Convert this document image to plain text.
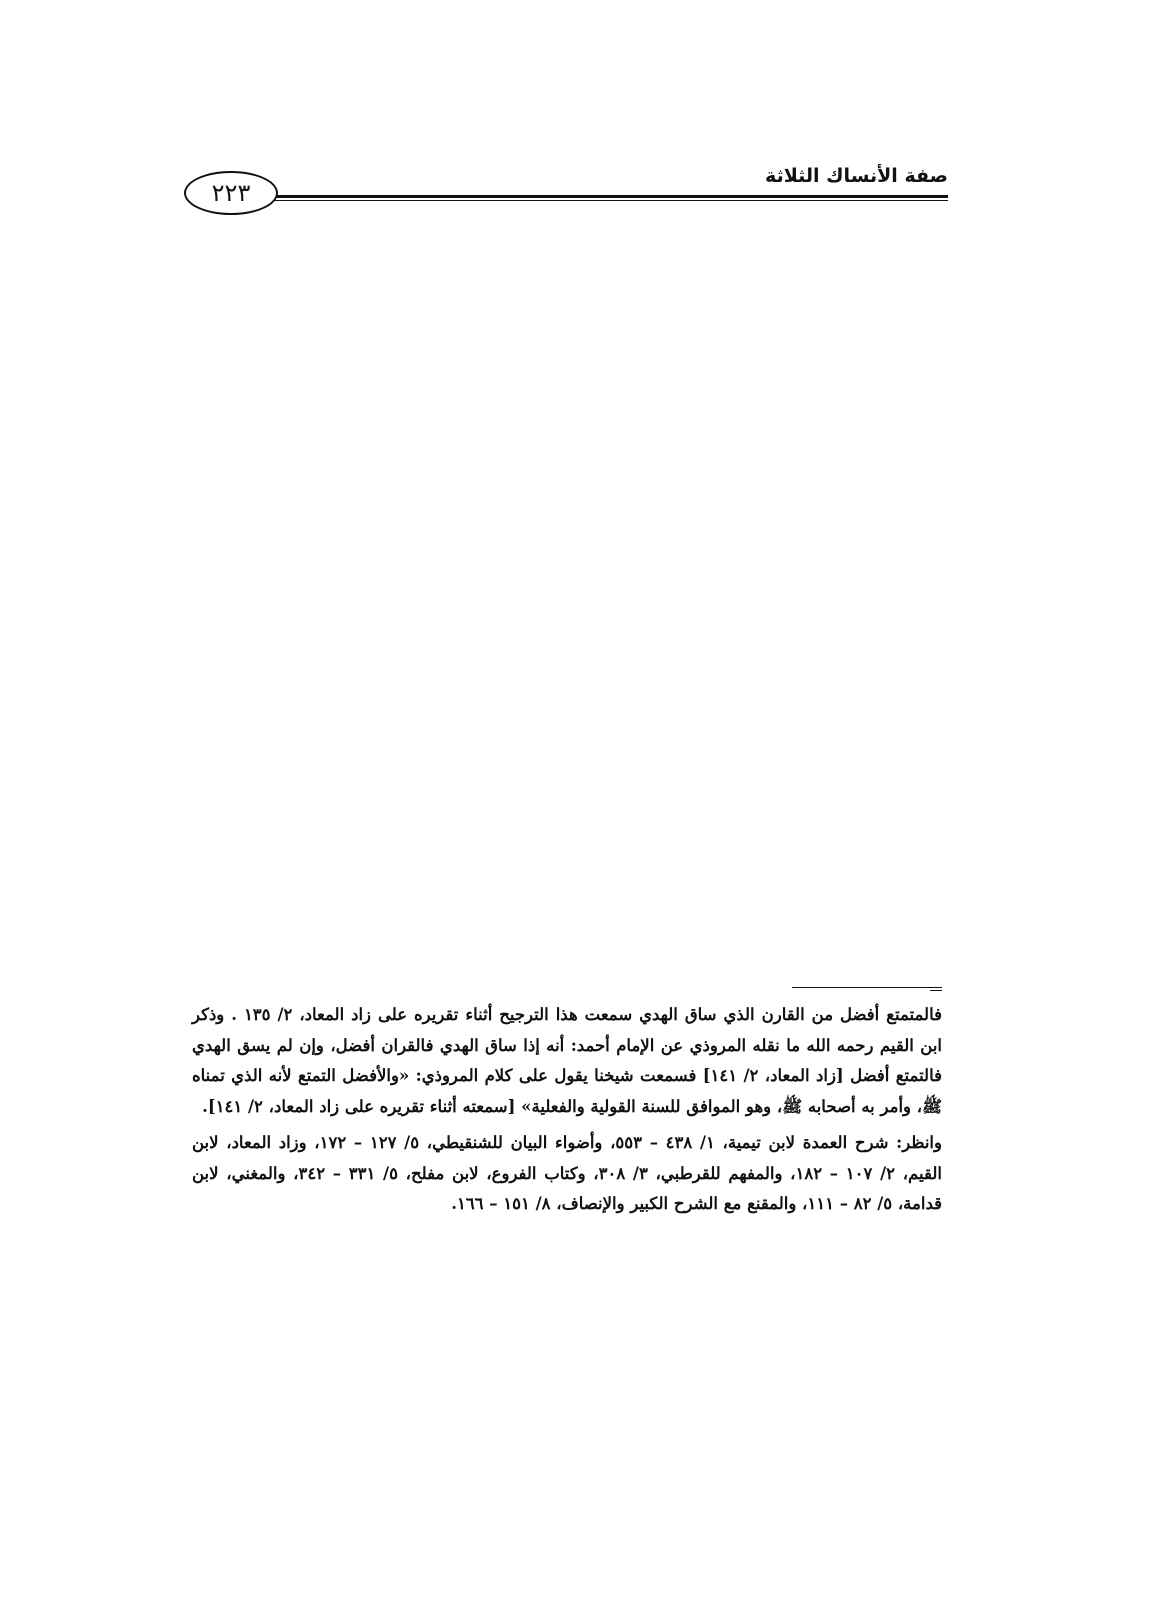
صفة الأنساك الثلاثة
٢٢٣

فالمتمتع أفضل من القارن الذي ساق الهدي سمعت هذا الترجيح أثناء تقريره على زاد المعاد، ٢/ ١٣٥ . وذكر ابن القيم رحمه الله ما نقله المروذي عن الإمام أحمد: أنه إذا ساق الهدي فالقران أفضل، وإن لم يسق الهدي فالتمتع أفضل [زاد المعاد، ٢/ ١٤١] فسمعت شيخنا يقول على كلام المروذي: «والأفضل التمتع لأنه الذي تمناه ﷺ، وأمر به أصحابه ﷺ، وهو الموافق للسنة القولية والفعلية» [سمعته أثناء تقريره على زاد المعاد، ٢/ ١٤١].

وانظر: شرح العمدة لابن تيمية، ١/ ٤٣٨ – ٥٥٣، وأضواء البيان للشنقيطي، ٥/ ١٢٧ – ١٧٢، وزاد المعاد، لابن القيم، ٢/ ١٠٧ – ١٨٢، والمفهم للقرطبي، ٣/ ٣٠٨، وكتاب الفروع، لابن مفلح، ٥/ ٣٣١ – ٣٤٢، والمغني، لابن قدامة، ٥/ ٨٢ – ١١١، والمقنع مع الشرح الكبير والإنصاف، ٨/ ١٥١ – ١٦٦.
